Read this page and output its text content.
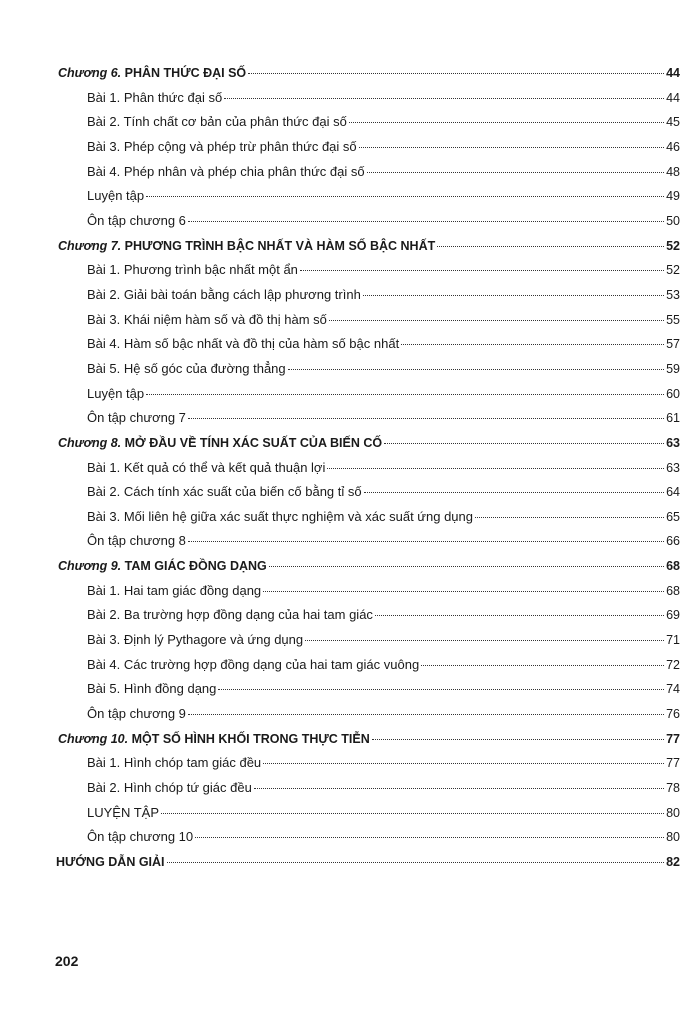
Chương 6. PHÂN THỨC ĐẠI SỐ	44
Bài 1. Phân thức đại số	44
Bài 2. Tính chất cơ bản của phân thức đại số	45
Bài 3. Phép cộng và phép trừ phân thức đại số	46
Bài 4. Phép nhân và phép chia phân thức đại số	48
Luyện tập	49
Ôn tập chương 6	50
Chương 7. PHƯƠNG TRÌNH BẬC NHẤT VÀ HÀM SỐ BẬC NHẤT	52
Bài 1. Phương trình bậc nhất một ẩn	52
Bài 2. Giải bài toán bằng cách lập phương trình	53
Bài 3. Khái niệm hàm số và đồ thị hàm số	55
Bài 4. Hàm số bậc nhất và đồ thị của hàm số bậc nhất	57
Bài 5. Hệ số góc của đường thẳng	59
Luyện tập	60
Ôn tập chương 7	61
Chương 8. MỞ ĐẦU VỀ TÍNH XÁC SUẤT CỦA BIẾN CỐ	63
Bài 1. Kết quả có thể và kết quả thuận lợi	63
Bài 2. Cách tính xác suất của biến cố bằng tỉ số	64
Bài 3. Mối liên hệ giữa xác suất thực nghiệm và xác suất ứng dụng	65
Ôn tập chương 8	66
Chương 9. TAM GIÁC ĐỒNG DẠNG	68
Bài 1. Hai tam giác đồng dạng	68
Bài 2. Ba trường hợp đồng dạng của hai tam giác	69
Bài 3. Định lý Pythagore và ứng dụng	71
Bài 4. Các trường hợp đồng dạng của hai tam giác vuông	72
Bài 5. Hình đồng dạng	74
Ôn tập chương 9	76
Chương 10. MỘT SỐ HÌNH KHỐI TRONG THỰC TIỄN	77
Bài 1. Hình chóp tam giác đều	77
Bài 2. Hình chóp tứ giác đều	78
LUYỆN TẬP	80
Ôn tập chương 10	80
HƯỚNG DẪN GIẢI	82
202
